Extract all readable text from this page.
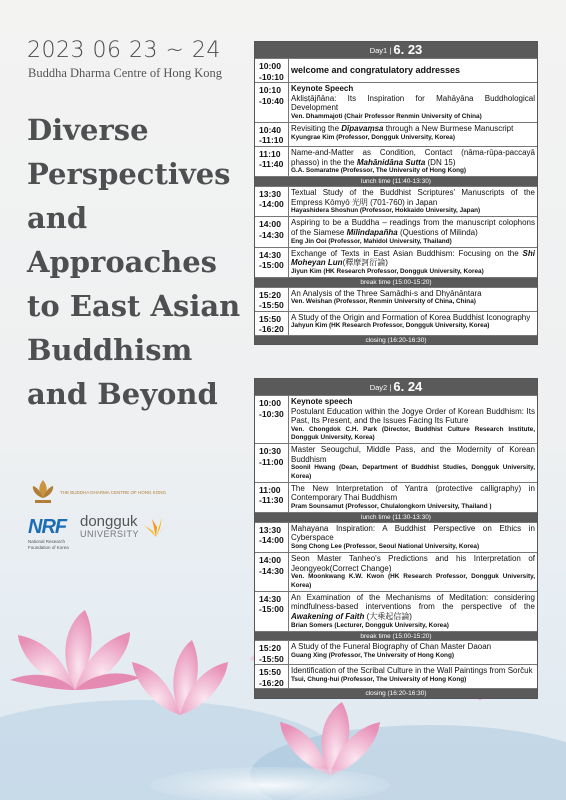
2023 06 23 ~ 24
Buddha Dharma Centre of Hong Kong
Diverse
Perspectives
and
Approaches
to East Asian
Buddhism
and Beyond
THE BUDDHA DHARMA CENTRE OF HONG KONG
NRF
National Research Foundation of Korea
dongguk
UNIVERSITY
Day1 | 6. 23
10:00
-10:10
welcome and congratulatory addresses
10:10
-10:40
Keynote Speech
Akliṣṭājñāna: Its Inspiration for Mahāyāna Buddhological Development
Ven. Dhammajoti (Chair Professor Renmin University of China)
10:40
-11:10
Revisiting the Dīpavaṃsa through a New Burmese Manuscript
Kyungrae Kim (Professor, Dongguk University, Korea)
11:10
-11:40
Name-and-Matter as Condition, Contact (nāma-rūpa-paccayā phasso) in the the Mahānidāna Sutta (DN 15)
G.A. Somaratne (Professor, The University of Hong Kong)
lunch time (11:40-13:30)
13:30
-14:00
Textual Study of the Buddhist Scriptures' Manuscripts of the Empress Kōmyō 光明 (701-760) in Japan
Hayashidera Shoshun (Professor, Hokkaido University, Japan)
14:00
-14:30
Aspiring to be a Buddha – readings from the manuscript colophons of the Siamese Milindapañha (Questions of Milinda)
Eng Jin Ooi (Professor, Mahidol University, Thailand)
14:30
-15:00
Exchange of Texts in East Asian Buddhism: Focusing on the Shi Moheyan Lun(釋摩訶衍論)
Jiyun Kim (HK Research Professor, Dongguk University, Korea)
break time (15:00-15:20)
15:20
-15:50
An Analysis of the Three Samādhi-s and Dhyānāntara
Ven. Weishan (Professor, Renmin University of China, China)
15:50
-16:20
A Study of the Origin and Formation of Korea Buddhist Iconography
Jahyun Kim (HK Research Professor, Dongguk University, Korea)
closing (16:20-16:30)
Day2 | 6. 24
10:00
-10:30
Keynote speech
Postulant Education within the Jogye Order of Korean Buddhism: Its Past, Its Present, and the Issues Facing Its Future
Ven. Chongdok C.H. Park (Director, Buddhist Culture Research Institute, Dongguk University, Korea)
10:30
-11:00
Master Seougchul, Middle Pass, and the Modernity of Korean Buddhism
Soonil Hwang (Dean, Department of Buddhist Studies, Dongguk University, Korea)
11:00
-11:30
The New Interpretation of Yantra (protective calligraphy) in Contemporary Thai Buddhism
Pram Sounsamut (Professor, Chulalongkorn University, Thailand )
lunch time (11:30-13:30)
13:30
-14:00
Mahayana Inspiration: A Buddhist Perspective on Ethics in Cyberspace
Song Chong Lee (Professor, Seoul National University, Korea)
14:00
-14:30
Seon Master Tanheo's Predictions and his Interpretation of Jeongyeok(Correct Change)
Ven. Moonkwang K.W. Kwon (HK Research Professor, Dongguk University, Korea)
14:30
-15:00
An Examination of the Mechanisms of Meditation: considering mindfulness-based interventions from the perspective of the Awakening of Faith (大乘起信論)
Brian Somers (Lecturer, Dongguk University, Korea)
break time (15:00-15:20)
15:20
-15:50
A Study of the Funeral Biography of Chan Master Daoan
Guang Xing (Professor, The University of Hong Kong)
15:50
-16:20
Identification of the Scribal Culture in the Wall Paintings from Sorčuk
Tsui, Chung-hui (Professor, The University of Hong Kong)
closing (16:20-16:30)
